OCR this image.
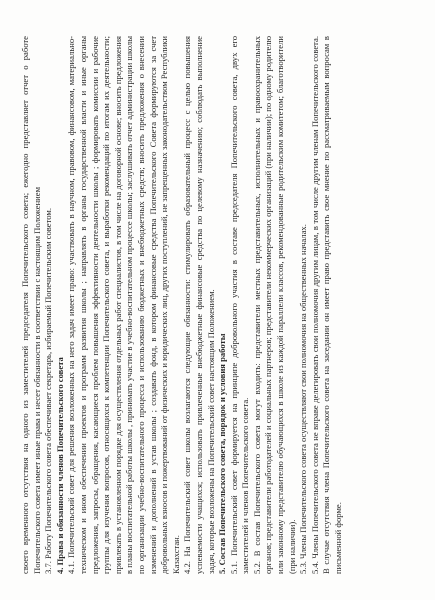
своего временного отсутствия на одного из заместителей председателя Попечительского совета; ежегодно представляет отчет о работе Попечительского совета имеет иные права и несет обязанности в соответствии с настоящим Положением 3.7. Работу Попечительского совета обеспечивает секретарь, избираемый Попечительским советом. 4. Права и обязанности членов Попечительского совета 4.1. Попечительский совет для решения возложенных на него задач имеет право: участвовать в научном, правовом, финансовом, материально-техническом и ином обеспечении проектов и программ развития школы ; направлять в органы государственной власти и иные органы предложения, запросы, обращения, касающиеся проблем повышения эффективности деятельности школы ; формировать комиссии и рабочие группы для изучения вопросов, относящихся к компетенции Попечительского совета, и выработки рекомендаций по итогам их деятельности; привлекать в установленном порядке для осуществления отдельных работ специалистов, в том числе на договорной основе; вносить предложения в планы воспитательной работы школы , принимать участие в учебно-воспитательном процессе школы; заслушивать отчет администрации школы по организации учебно-воспитательного процесса и использованию бюджетных и внебюджетных средств; вносить предложения о внесении изменений и дополнений в устав школы ; создавать фонд, в котором финансовые средства Попечительского Совета формируются за счет добровольных взносов и пожертвований от физических и юридических лиц, других поступлений, не запрещенных законодательством Республики Казахстан. 4.2. На Попечительский совет школы возлагаются следующие обязанности: стимулировать образовательный процесс с целью повышения успеваемости учащихся; использовать привлеченные внебюджетные финансовые средства по целевому назначению; соблюдать выполнение задач, которые возложены на Попечительский совет настоящим Положением. 5. Состав Попечительского совета, порядок и условия работы 5.1. Попечительский совет формируется на принципе добровольного участия в составе председателя Попечительского совета, двух его заместителей и членов Попечительского совета. 5.2. В состав Попечительского совета могут входить: представители местных представительных, исполнительных и правоохранительных органов; представители работодателей и социальных партнеров; представители некоммерческих организаций (при наличии); по одному родителю или законному представителю обучающихся в школе из каждой параллели классов, рекомендованные родительским комитетом; благотворители (при наличии). 5.3. Члены Попечительского совета осуществляют свои полномочия на общественных началах. 5.4. Члены Попечительского совета не вправе делегировать свои полномочия другим лицам, в том числе другим членам Попечительского совета. В случае отсутствия члена Попечительского совета на заседании он имеет право представить свое мнение по рассматриваемым вопросам в письменной форме.
